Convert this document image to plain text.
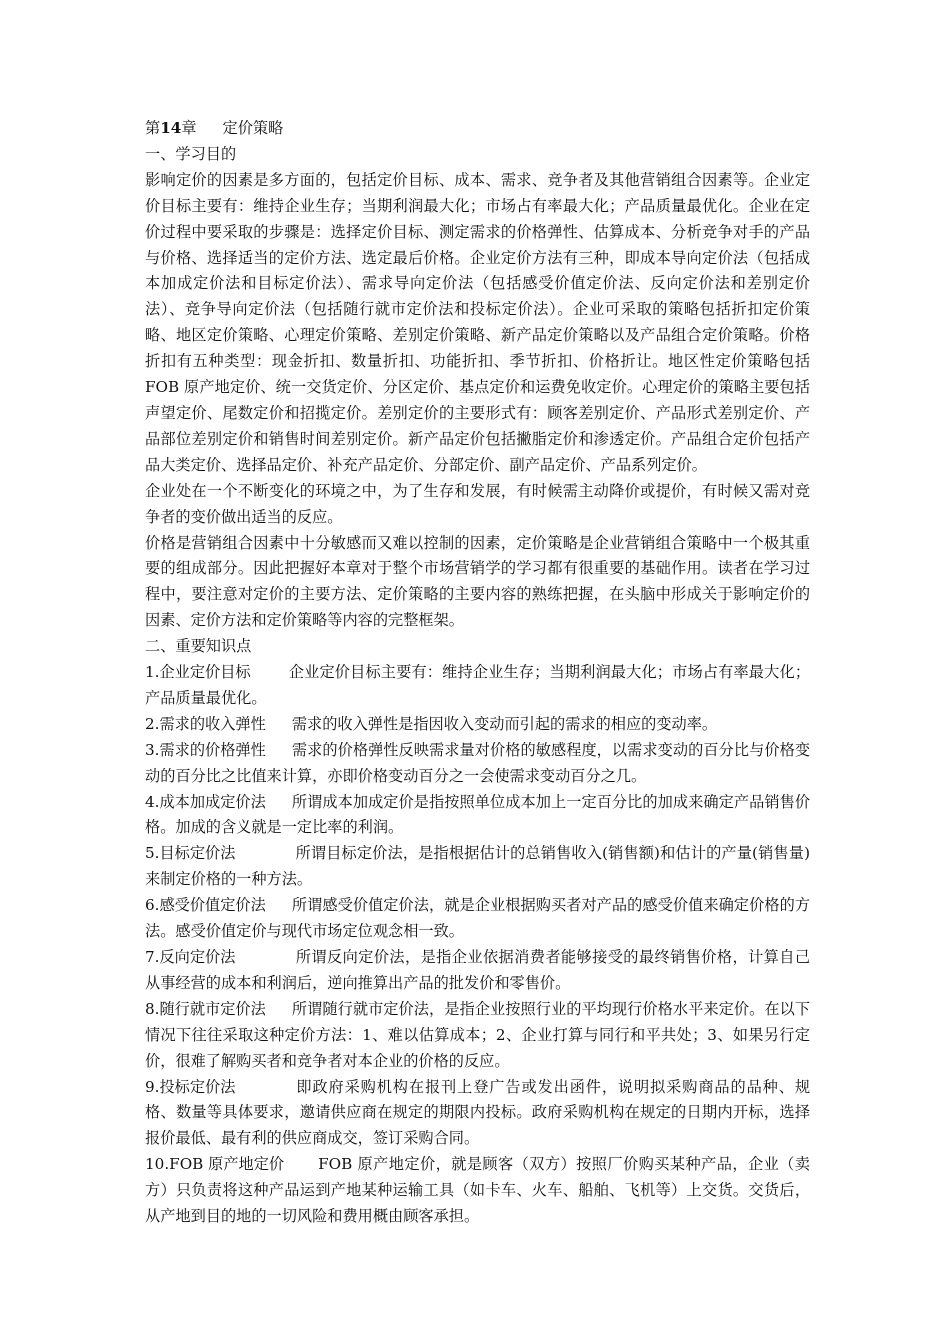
第14章 定价策略

一、学习目的

影响定价的因素是多方面的，包括定价目标、成本、需求、竞争者及其他营销组合因素等。企业定价目标主要有：维持企业生存；当期利润最大化；市场占有率最大化；产品质量最优化。企业在定价过程中要采取的步骤是：选择定价目标、测定需求的价格弹性、估算成本、分析竞争对手的产品与价格、选择适当的定价方法、选定最后价格。企业定价方法有三种，即成本导向定价法（包括成本加成定价法和目标定价法）、需求导向定价法（包括感受价值定价法、反向定价法和差别定价法）、竞争导向定价法（包括随行就市定价法和投标定价法）。企业可采取的策略包括折扣定价策略、地区定价策略、心理定价策略、差别定价策略、新产品定价策略以及产品组合定价策略。价格折扣有五种类型：现金折扣、数量折扣、功能折扣、季节折扣、价格折让。地区性定价策略包括 FOB 原产地定价、统一交货定价、分区定价、基点定价和运费免收定价。心理定价的策略主要包括声望定价、尾数定价和招揽定价。差别定价的主要形式有：顾客差别定价、产品形式差别定价、产品部位差别定价和销售时间差别定价。新产品定价包括撇脂定价和渗透定价。产品组合定价包括产品大类定价、选择品定价、补充产品定价、分部定价、副产品定价、产品系列定价。

企业处在一个不断变化的环境之中，为了生存和发展，有时候需主动降价或提价，有时候又需对竞争者的变价做出适当的反应。

价格是营销组合因素中十分敏感而又难以控制的因素，定价策略是企业营销组合策略中一个极其重要的组成部分。因此把握好本章对于整个市场营销学的学习都有很重要的基础作用。读者在学习过程中，要注意对定价的主要方法、定价策略的主要内容的熟练把握，在头脑中形成关于影响定价的因素、定价方法和定价策略等内容的完整框架。

二、重要知识点

1.企业定价目标	企业定价目标主要有：维持企业生存；当期利润最大化；市场占有率最大化；产品质量最优化。

2.需求的收入弹性 需求的收入弹性是指因收入变动而引起的需求的相应的变动率。

3.需求的价格弹性 需求的价格弹性反映需求量对价格的敏感程度，以需求变动的百分比与价格变动的百分比之比值来计算，亦即价格变动百分之一会使需求变动百分之几。

4.成本加成定价法 所谓成本加成定价是指按照单位成本加上一定百分比的加成来确定产品销售价格。加成的含义就是一定比率的利润。

5.目标定价法	所谓目标定价法，是指根据估计的总销售收入(销售额)和估计的产量(销售量)来制定价格的一种方法。

6.感受价值定价法 所谓感受价值定价法，就是企业根据购买者对产品的感受价值来确定价格的方法。感受价值定价与现代市场定位观念相一致。

7.反向定价法	所谓反向定价法，是指企业依据消费者能够接受的最终销售价格，计算自己从事经营的成本和利润后，逆向推算出产品的批发价和零售价。

8.随行就市定价法 所谓随行就市定价法，是指企业按照行业的平均现行价格水平来定价。在以下情况下往往采取这种定价方法：1、难以估算成本；2、企业打算与同行和平共处；3、如果另行定价，很难了解购买者和竞争者对本企业的价格的反应。

9.投标定价法	即政府采购机构在报刊上登广告或发出函件，说明拟采购商品的品种、规格、数量等具体要求，邀请供应商在规定的期限内投标。政府采购机构在规定的日期内开标，选择报价最低、最有利的供应商成交，签订采购合同。

10.FOB 原产地定价 FOB 原产地定价，就是顾客（双方）按照厂价购买某种产品，企业（卖方）只负责将这种产品运到产地某种运输工具（如卡车、火车、船舶、飞机等）上交货。交货后，从产地到目的地的一切风险和费用概由顾客承担。
